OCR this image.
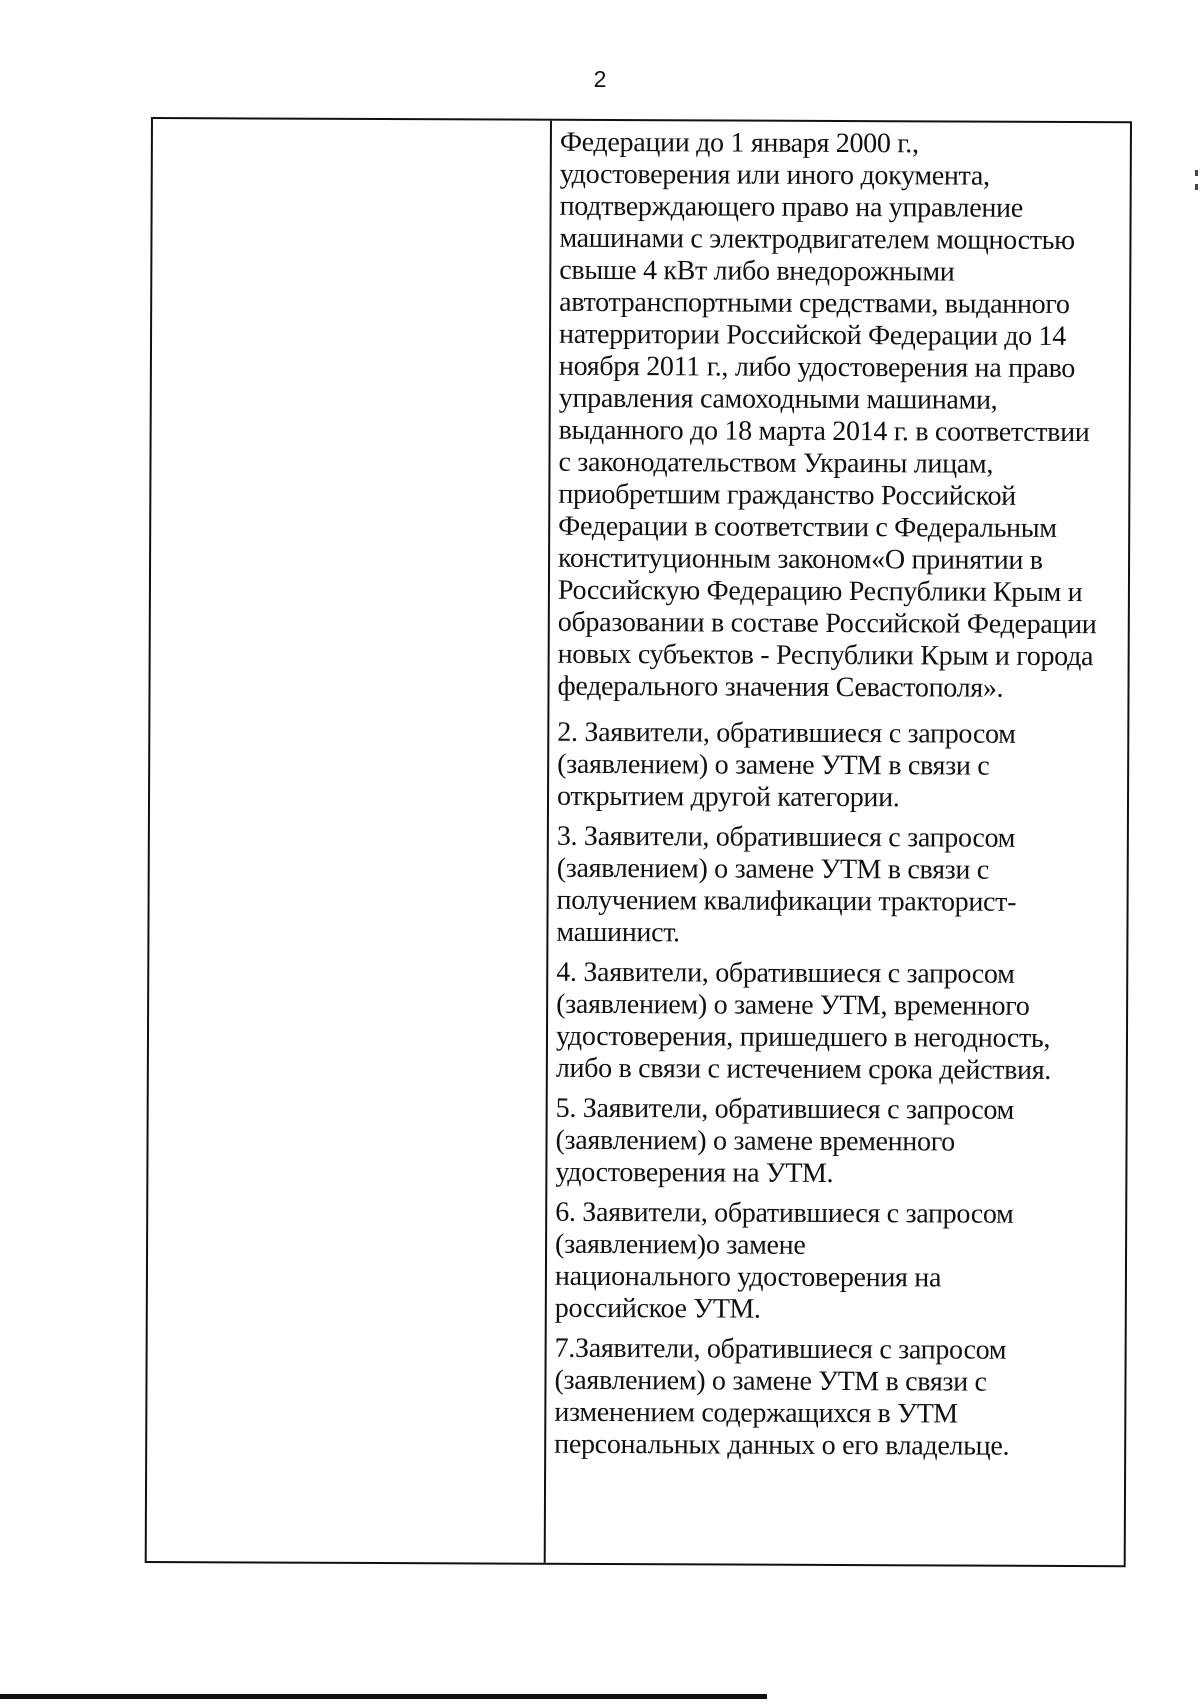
2

Федерации до 1 января 2000 г.,
удостоверения или иного документа,
подтверждающего право на управление
машинами с электродвигателем мощностью
свыше 4 кВт либо внедорожными
автотранспортными средствами, выданного
натерритории Российской Федерации до 14
ноября 2011 г., либо удостоверения на право
управления самоходными машинами,
выданного до 18 марта 2014 г. в соответствии
с законодательством Украины лицам,
приобретшим гражданство Российской
Федерации в соответствии с Федеральным
конституционным законом«О принятии в
Российскую Федерацию Республики Крым и
образовании в составе Российской Федерации
новых субъектов - Республики Крым и города
федерального значения Севастополя».

2. Заявители, обратившиеся с запросом
(заявлением) о замене УТМ в связи с
открытием другой категории.

3. Заявители, обратившиеся с запросом
(заявлением) о замене УТМ в связи с
получением квалификации тракторист-
машинист.

4. Заявители, обратившиеся с запросом
(заявлением) о замене УТМ, временного
удостоверения, пришедшего в негодность,
либо в связи с истечением срока действия.

5. Заявители, обратившиеся с запросом
(заявлением) о замене временного
удостоверения на УТМ.

6. Заявители, обратившиеся с запросом
(заявлением)о замене
национального удостоверения на
российское УТМ.

7.Заявители, обратившиеся с запросом
(заявлением) о замене УТМ в связи с
изменением содержащихся в УТМ
персональных данных о его владельце.
